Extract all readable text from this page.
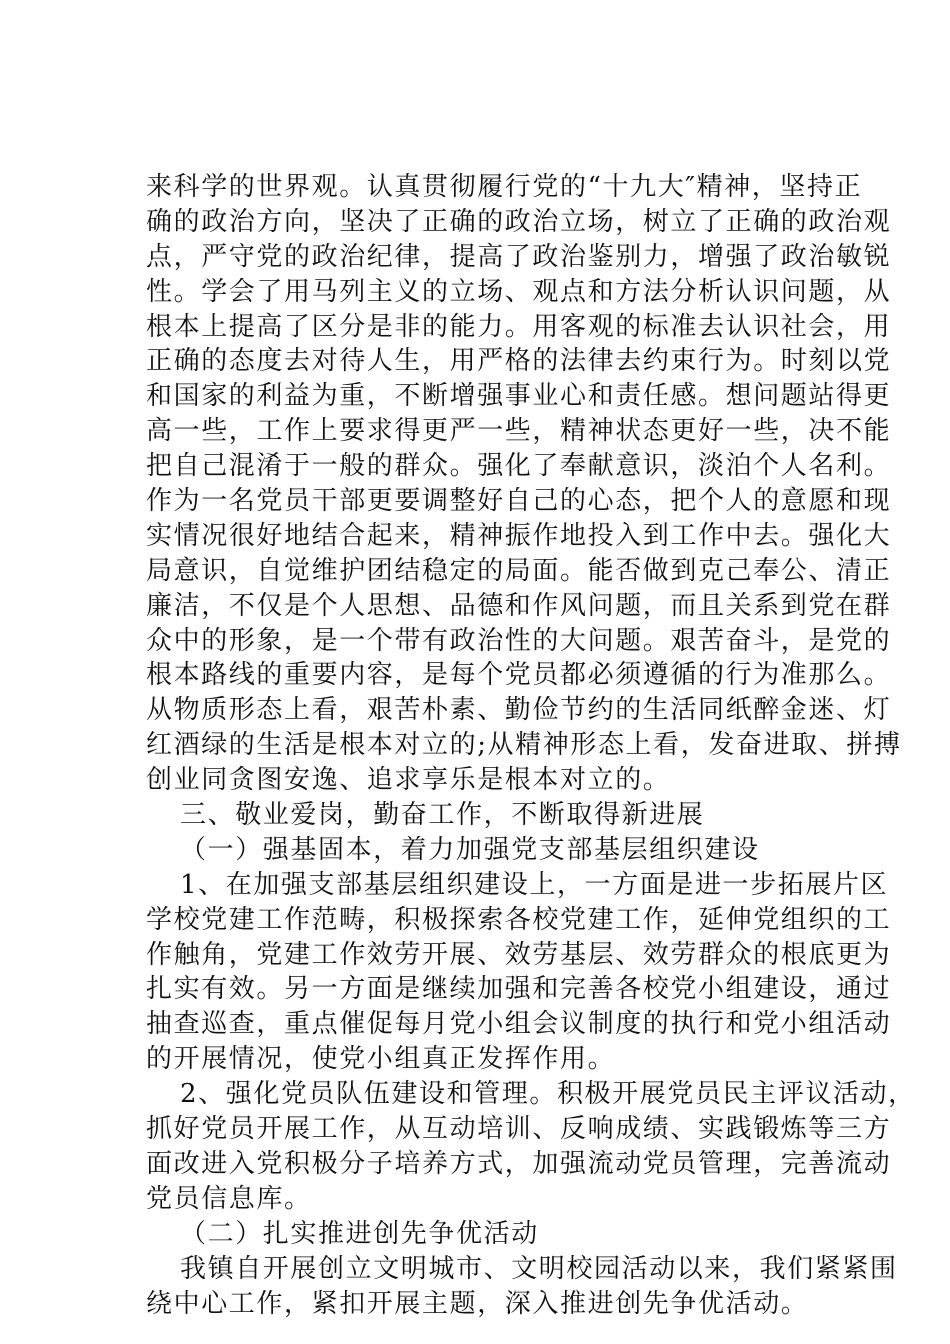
来科学的世界观。认真贯彻履行党的“十九大″精神，坚持正
确的政治方向，坚决了正确的政治立场，树立了正确的政治观
点，严守党的政治纪律，提高了政治鉴别力，增强了政治敏锐
性。学会了用马列主义的立场、观点和方法分析认识问题，从
根本上提高了区分是非的能力。用客观的标准去认识社会，用
正确的态度去对待人生，用严格的法律去约束行为。时刻以党
和国家的利益为重，不断增强事业心和责任感。想问题站得更
高一些，工作上要求得更严一些，精神状态更好一些，决不能
把自己混淆于一般的群众。强化了奉献意识，淡泊个人名利。
作为一名党员干部更要调整好自己的心态，把个人的意愿和现
实情况很好地结合起来，精神振作地投入到工作中去。强化大
局意识，自觉维护团结稳定的局面。能否做到克己奉公、清正
廉洁，不仅是个人思想、品德和作风问题，而且关系到党在群
众中的形象，是一个带有政治性的大问题。艰苦奋斗，是党的
根本路线的重要内容，是每个党员都必须遵循的行为准那么。
从物质形态上看，艰苦朴素、勤俭节约的生活同纸醉金迷、灯
红酒绿的生活是根本对立的;从精神形态上看，发奋进取、拼搏
创业同贪图安逸、追求享乐是根本对立的。
三、敬业爱岗，勤奋工作，不断取得新进展
（一）强基固本，着力加强党支部基层组织建设
1、在加强支部基层组织建设上，一方面是进一步拓展片区
学校党建工作范畴，积极探索各校党建工作，延伸党组织的工
作触角，党建工作效劳开展、效劳基层、效劳群众的根底更为
扎实有效。另一方面是继续加强和完善各校党小组建设，通过
抽查巡查，重点催促每月党小组会议制度的执行和党小组活动
的开展情况，使党小组真正发挥作用。
2、强化党员队伍建设和管理。积极开展党员民主评议活动，
抓好党员开展工作，从互动培训、反响成绩、实践锻炼等三方
面改进入党积极分子培养方式，加强流动党员管理，完善流动
党员信息库。
（二）扎实推进创先争优活动
我镇自开展创立文明城市、文明校园活动以来，我们紧紧围
绕中心工作，紧扣开展主题，深入推进创先争优活动。
